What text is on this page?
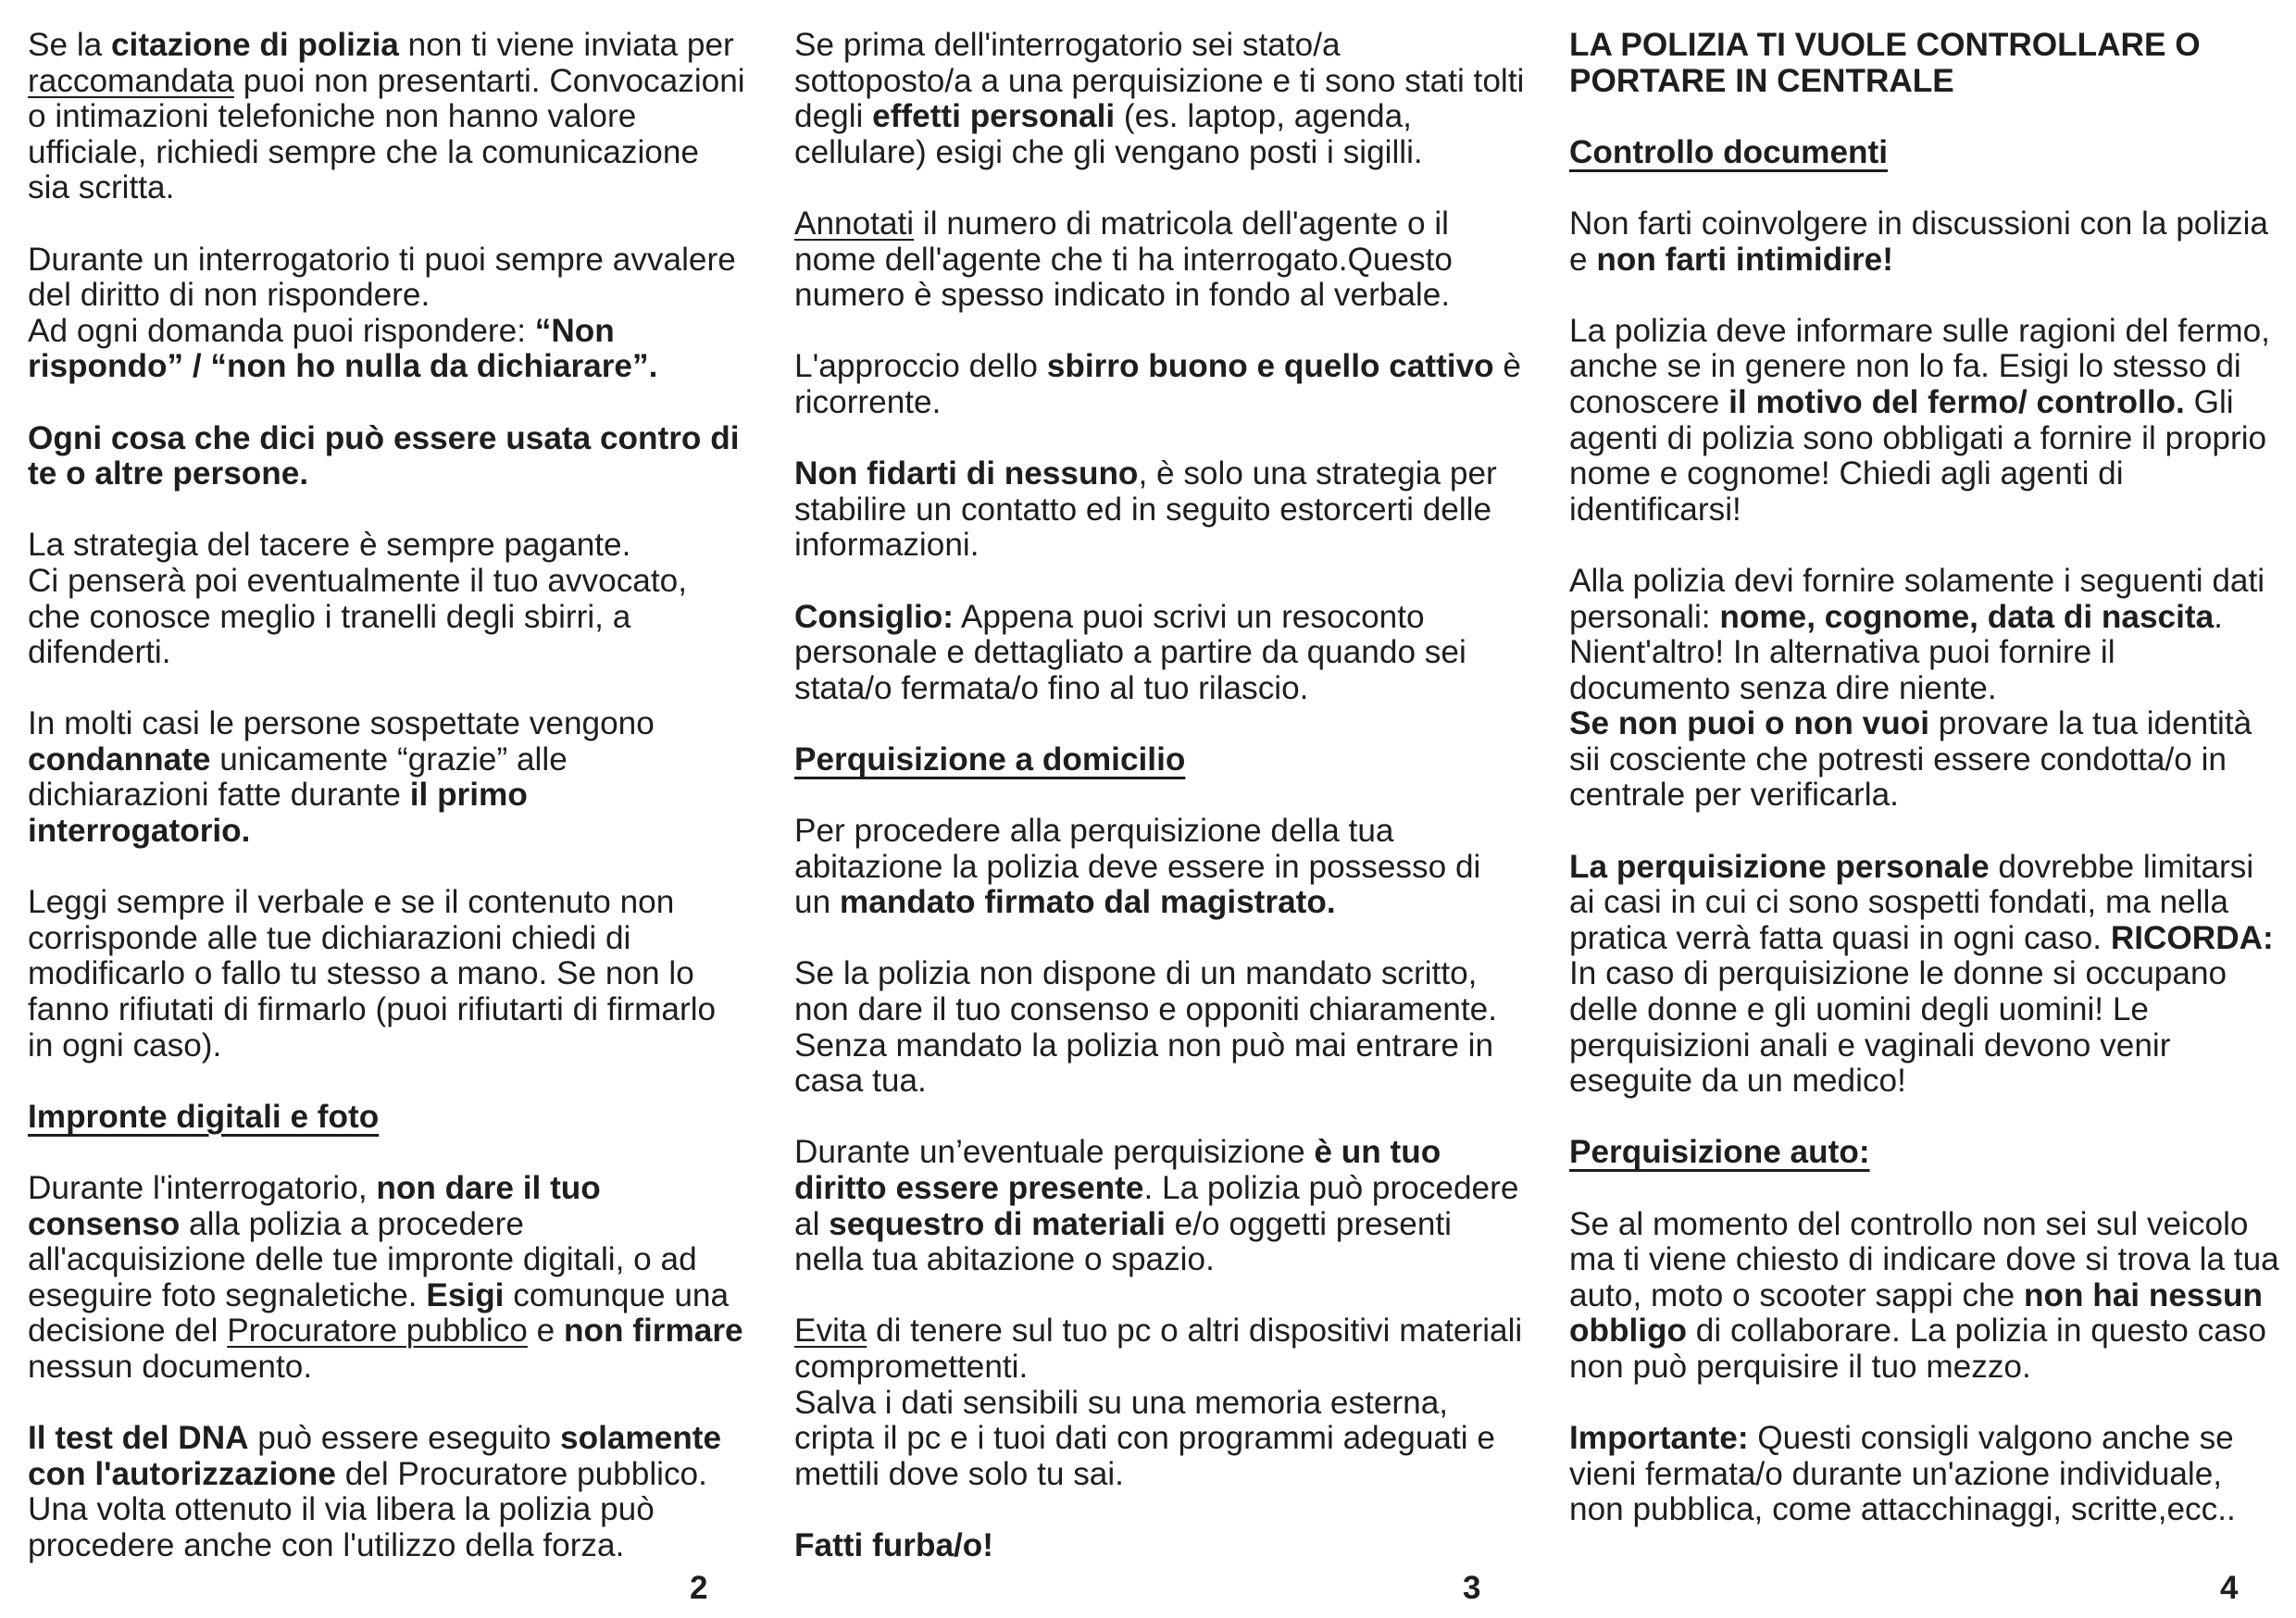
Se la citazione di polizia non ti viene inviata per raccomandata puoi non presentarti. Convocazioni o intimazioni telefoniche non hanno valore ufficiale, richiedi sempre che la comunicazione sia scritta.

Durante un interrogatorio ti puoi sempre avvalere del diritto di non rispondere.
Ad ogni domanda puoi rispondere: “Non rispondo” / “non ho nulla da dichiarare”.

Ogni cosa che dici può essere usata contro di te o altre persone.

La strategia del tacere è sempre pagante.
Ci penserà poi eventualmente il tuo avvocato, che conosce meglio i tranelli degli sbirri, a difenderti.

In molti casi le persone sospettate vengono condannate unicamente “grazie” alle dichiarazioni fatte durante il primo interrogatorio.

Leggi sempre il verbale e se il contenuto non corrisponde alle tue dichiarazioni chiedi di modificarlo o fallo tu stesso a mano. Se non lo fanno rifiutati di firmarlo (puoi rifiutarti di firmarlo in ogni caso).

Impronte digitali e foto

Durante l'interrogatorio, non dare il tuo consenso alla polizia a procedere all'acquisizione delle tue impronte digitali, o ad eseguire foto segnaletiche. Esigi comunque una decisione del Procuratore pubblico e non firmare nessun documento.

Il test del DNA può essere eseguito solamente con l'autorizzazione del Procuratore pubblico. Una volta ottenuto il via libera la polizia può procedere anche con l'utilizzo della forza.

Se prima dell'interrogatorio sei stato/a sottoposto/a a una perquisizione e ti sono stati tolti degli effetti personali (es. laptop, agenda, cellulare) esigi che gli vengano posti i sigilli.

Annotati il numero di matricola dell'agente o il nome dell'agente che ti ha interrogato.Questo numero è spesso indicato in fondo al verbale.

L'approccio dello sbirro buono e quello cattivo è ricorrente.

Non fidarti di nessuno, è solo una strategia per stabilire un contatto ed in seguito estorcerti delle informazioni.

Consiglio: Appena puoi scrivi un resoconto personale e dettagliato a partire da quando sei stata/o fermata/o fino al tuo rilascio.

Perquisizione a domicilio

Per procedere alla perquisizione della tua abitazione la polizia deve essere in possesso di un mandato firmato dal magistrato.

Se la polizia non dispone di un mandato scritto, non dare il tuo consenso e opponiti chiaramente. Senza mandato la polizia non può mai entrare in casa tua.

Durante un’eventuale perquisizione è un tuo diritto essere presente. La polizia può procedere al sequestro di materiali e/o oggetti presenti nella tua abitazione o spazio.

Evita di tenere sul tuo pc o altri dispositivi materiali compromettenti.
Salva i dati sensibili su una memoria esterna, cripta il pc e i tuoi dati con programmi adeguati e mettili dove solo tu sai.

Fatti furba/o!

LA POLIZIA TI VUOLE CONTROLLARE O PORTARE IN CENTRALE

Controllo documenti

Non farti coinvolgere in discussioni con la polizia e non farti intimidire!

La polizia deve informare sulle ragioni del fermo, anche se in genere non lo fa. Esigi lo stesso di conoscere il motivo del fermo/ controllo. Gli agenti di polizia sono obbligati a fornire il proprio nome e cognome! Chiedi agli agenti di identificarsi!

Alla polizia devi fornire solamente i seguenti dati personali: nome, cognome, data di nascita. Nient'altro! In alternativa puoi fornire il documento senza dire niente.
Se non puoi o non vuoi provare la tua identità sii cosciente che potresti essere condotta/o in centrale per verificarla.

La perquisizione personale dovrebbe limitarsi ai casi in cui ci sono sospetti fondati, ma nella pratica verrà fatta quasi in ogni caso. RICORDA: In caso di perquisizione le donne si occupano delle donne e gli uomini degli uomini! Le perquisizioni anali e vaginali devono venir eseguite da un medico!

Perquisizione auto:

Se al momento del controllo non sei sul veicolo ma ti viene chiesto di indicare dove si trova la tua auto, moto o scooter sappi che non hai nessun obbligo di collaborare. La polizia in questo caso non può perquisire il tuo mezzo.

Importante: Questi consigli valgono anche se vieni fermata/o durante un'azione individuale, non pubblica, come attacchinaggi, scritte,ecc..

2	3	4
